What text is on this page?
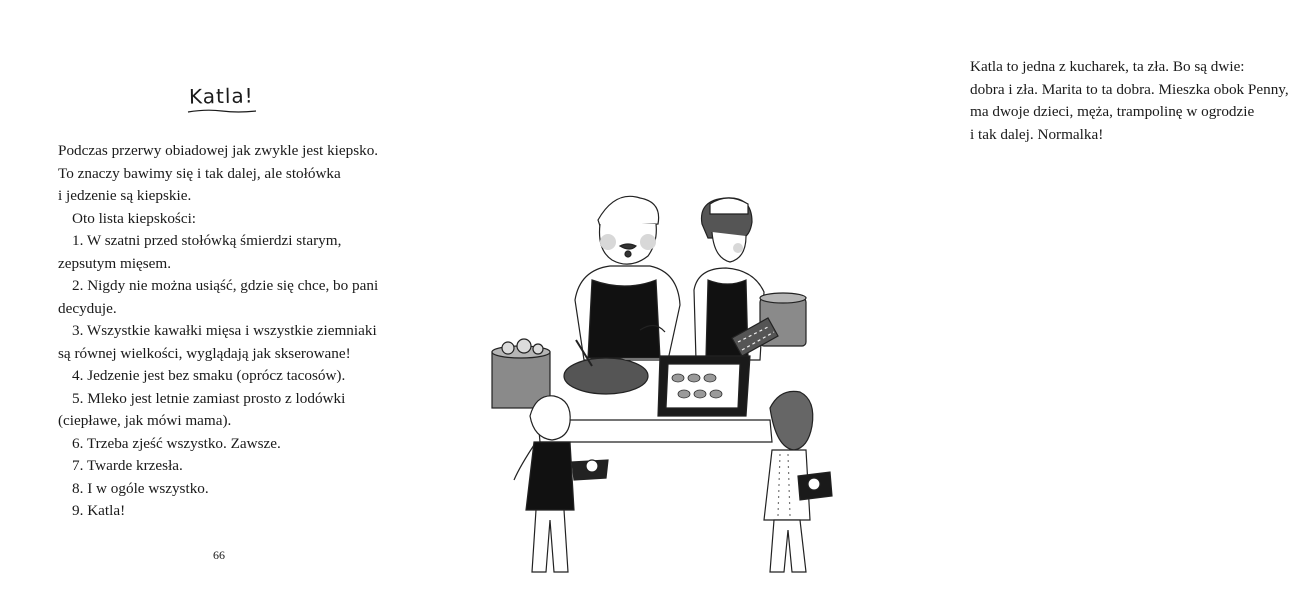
Katla!

Podczas przerwy obiadowej jak zwykle jest kiepsko.

To znaczy bawimy się i tak dalej, ale stołówka

i jedzenie są kiepskie.

Oto lista kiepskości:

1. W szatni przed stołówką śmierdzi starym,

zepsutym mięsem.

2. Nigdy nie można usiąść, gdzie się chce, bo pani

decyduje.

3. Wszystkie kawałki mięsa i wszystkie ziemniaki

są równej wielkości, wyglądają jak skserowane!

4. Jedzenie jest bez smaku (oprócz tacosów).

5. Mleko jest letnie zamiast prosto z lodówki

(ciepławe, jak mówi mama).

6. Trzeba zjeść wszystko. Zawsze.

7. Twarde krzesła.

8. I w ogóle wszystko.

9. Katla!

66
Katla to jedna z kucharek, ta zła. Bo są dwie:
dobra i zła. Marita to ta dobra. Mieszka obok Penny,
ma dwoje dzieci, męża, trampolinę w ogrodzie
i tak dalej. Normalka!
